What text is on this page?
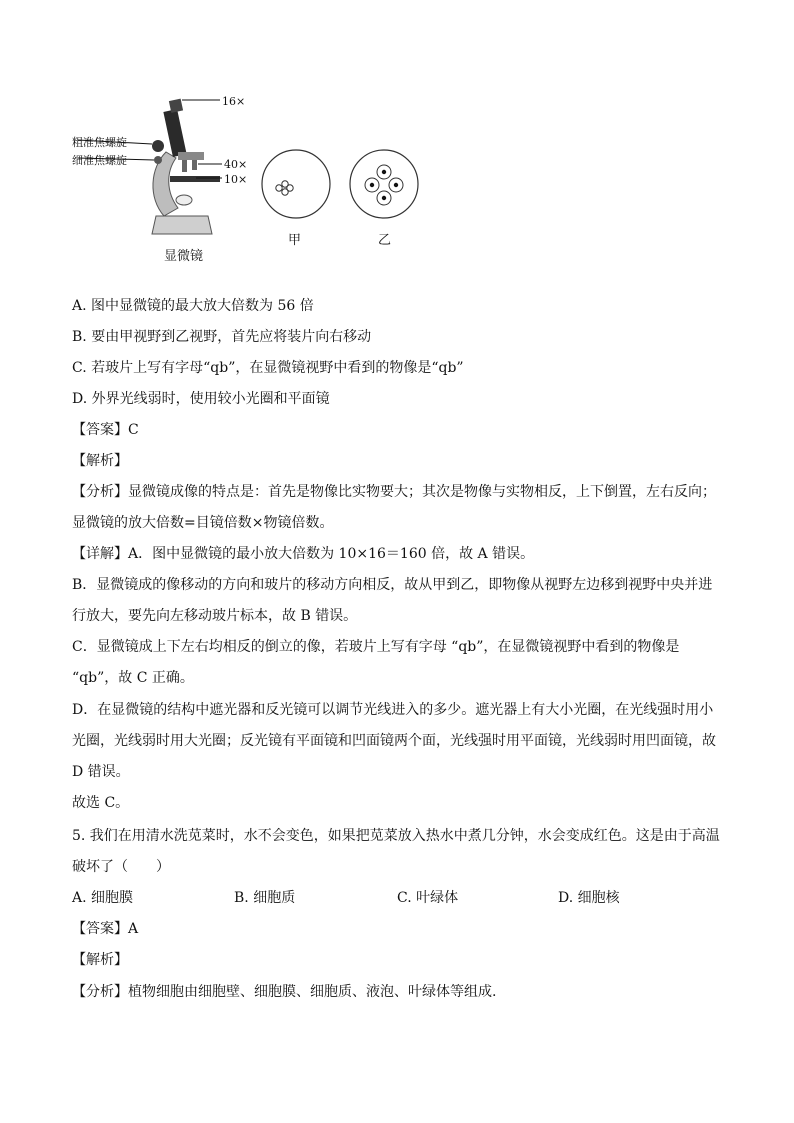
16×
粗准焦螺旋
细准焦螺旋	40×
10×
显微镜
甲	乙
A. 图中显微镜的最大放大倍数为 56 倍
B. 要由甲视野到乙视野，首先应将装片向右移动
C. 若玻片上写有字母“qb”，在显微镜视野中看到的物像是“qb”
D. 外界光线弱时，使用较小光圈和平面镜
【答案】C
【解析】
【分析】显微镜成像的特点是：首先是物像比实物要大；其次是物像与实物相反，上下倒置，左右反向；
显微镜的放大倍数=目镜倍数×物镜倍数。
【详解】A．图中显微镜的最小放大倍数为 10×16＝160 倍，故 A 错误。
B．显微镜成的像移动的方向和玻片的移动方向相反，故从甲到乙，即物像从视野左边移到视野中央并进
行放大，要先向左移动玻片标本，故 B 错误。
C．显微镜成上下左右均相反的倒立的像，若玻片上写有字母 “qb”，在显微镜视野中看到的物像是
“qb”，故 C 正确。
D．在显微镜的结构中遮光器和反光镜可以调节光线进入的多少。遮光器上有大小光圈，在光线强时用小
光圈，光线弱时用大光圈；反光镜有平面镜和凹面镜两个面，光线强时用平面镜，光线弱时用凹面镜，故
D 错误。
故选 C。
5. 我们在用清水洗苋菜时，水不会变色，如果把苋菜放入热水中煮几分钟，水会变成红色。这是由于高温
破坏了（　　）
A. 细胞膜	B. 细胞质	C. 叶绿体	D. 细胞核
【答案】A
【解析】
【分析】植物细胞由细胞壁、细胞膜、细胞质、液泡、叶绿体等组成.
